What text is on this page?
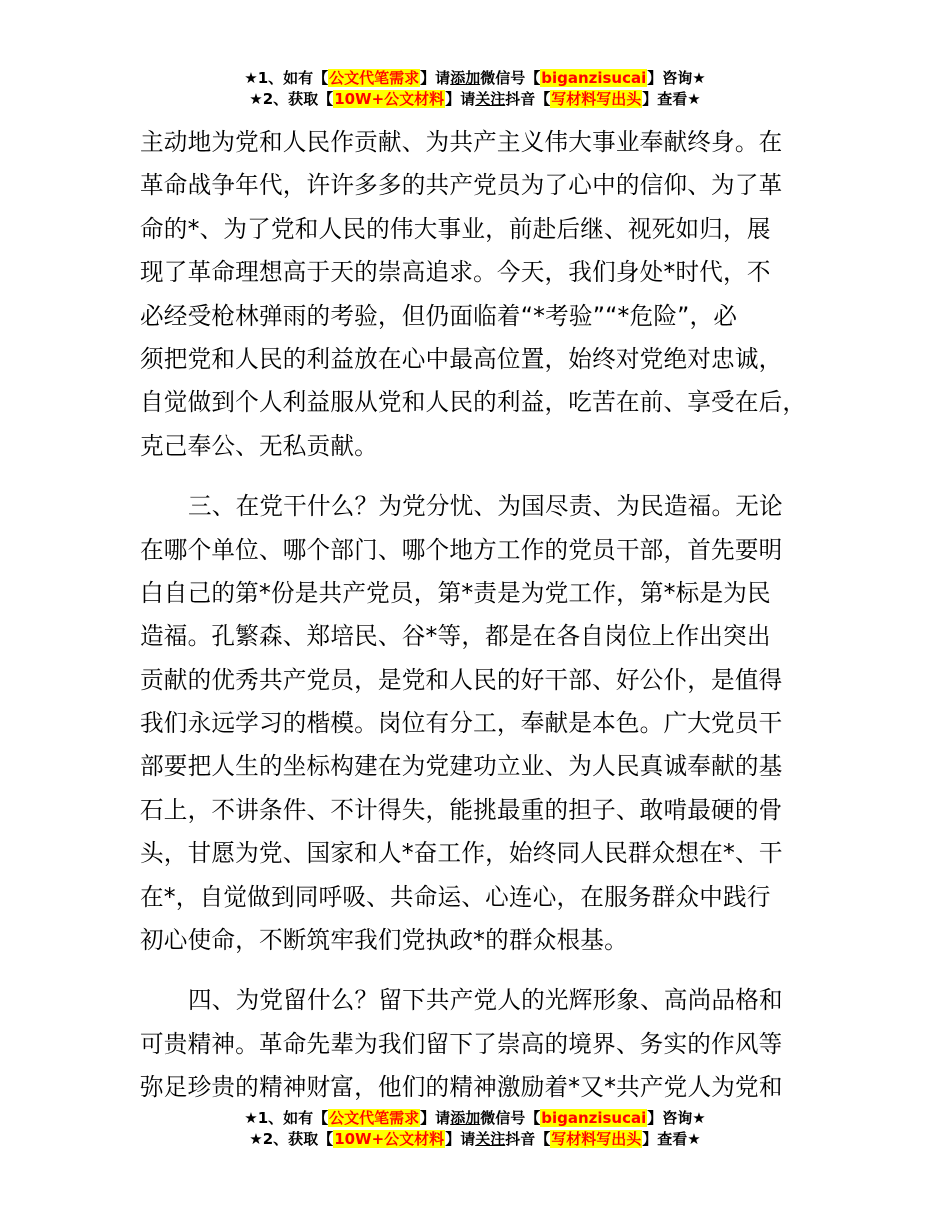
★1、如有【公文代笔需求】请添加微信号【biganzisucai】咨询★
★2、获取【10W+公文材料】请关注抖音【写材料写出头】查看★
主动地为党和人民作贡献、为共产主义伟大事业奉献终身。在
革命战争年代，许许多多的共产党员为了心中的信仰、为了革
命的*、为了党和人民的伟大事业，前赴后继、视死如归，展
现了革命理想高于天的崇高追求。今天，我们身处*时代，不
必经受枪林弹雨的考验，但仍面临着“*考验”“*危险”，必
须把党和人民的利益放在心中最高位置，始终对党绝对忠诚，
自觉做到个人利益服从党和人民的利益，吃苦在前、享受在后，
克己奉公、无私贡献。
三、在党干什么？为党分忧、为国尽责、为民造福。无论
在哪个单位、哪个部门、哪个地方工作的党员干部，首先要明
白自己的第*份是共产党员，第*责是为党工作，第*标是为民
造福。孔繁森、郑培民、谷*等，都是在各自岗位上作出突出
贡献的优秀共产党员，是党和人民的好干部、好公仆，是值得
我们永远学习的楷模。岗位有分工，奉献是本色。广大党员干
部要把人生的坐标构建在为党建功立业、为人民真诚奉献的基
石上，不讲条件、不计得失，能挑最重的担子、敢啃最硬的骨
头，甘愿为党、国家和人*奋工作，始终同人民群众想在*、干
在*，自觉做到同呼吸、共命运、心连心，在服务群众中践行
初心使命，不断筑牢我们党执政*的群众根基。
四、为党留什么？留下共产党人的光辉形象、高尚品格和
可贵精神。革命先辈为我们留下了崇高的境界、务实的作风等
弥足珍贵的精神财富，他们的精神激励着*又*共产党人为党和
★1、如有【公文代笔需求】请添加微信号【biganzisucai】咨询★
★2、获取【10W+公文材料】请关注抖音【写材料写出头】查看★
